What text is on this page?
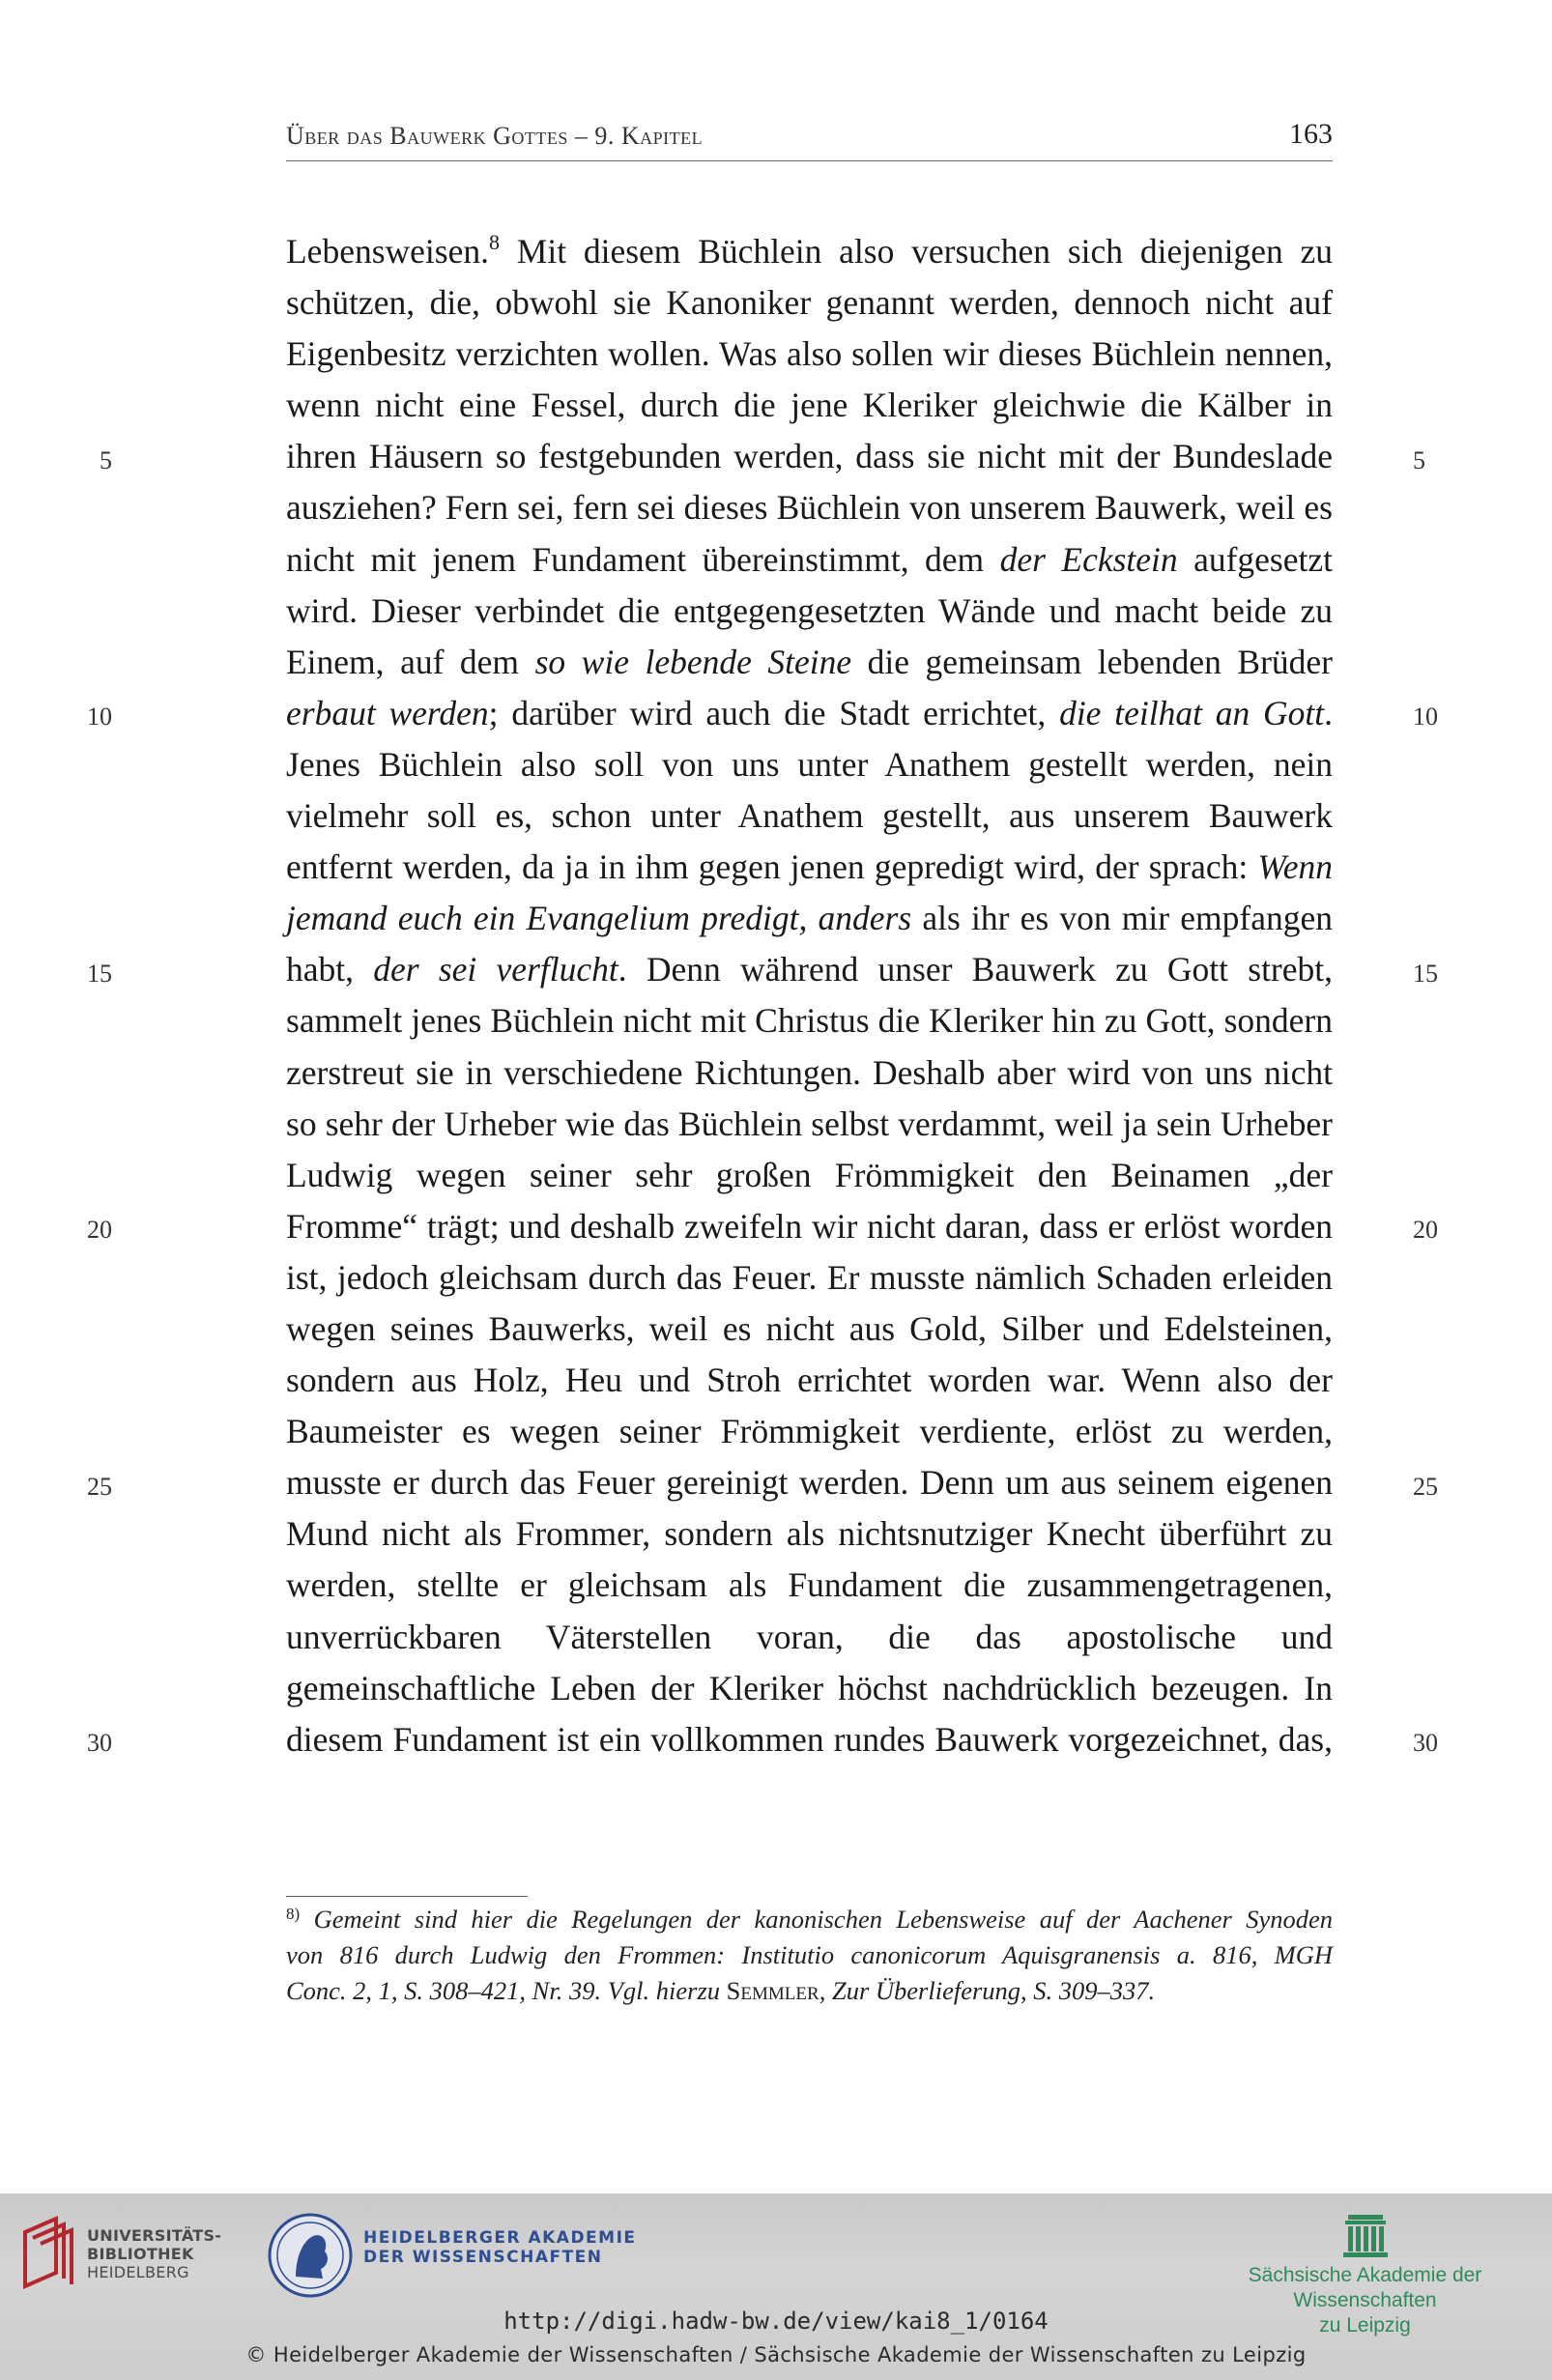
Über das Bauwerk Gottes – 9. Kapitel	163
Lebensweisen.$^8$ Mit diesem Büchlein also versuchen sich diejenigen zu
schützen, die, obwohl sie Kanoniker genannt werden, dennoch nicht auf
Eigenbesitz verzichten wollen. Was also sollen wir dieses Büchlein nennen,
wenn nicht eine Fessel, durch die jene Kleriker gleichwie die Kälber in
ihren Häusern so festgebunden werden, dass sie nicht mit der Bundeslade
ausziehen? Fern sei, fern sei dieses Büchlein von unserem Bauwerk, weil es
nicht mit jenem Fundament übereinstimmt, dem der Eckstein aufgesetzt
wird. Dieser verbindet die entgegengesetzten Wände und macht beide zu
Einem, auf dem so wie lebende Steine die gemeinsam lebenden Brüder
erbaut werden; darüber wird auch die Stadt errichtet, die teilhat an Gott.
Jenes Büchlein also soll von uns unter Anathem gestellt werden, nein
vielmehr soll es, schon unter Anathem gestellt, aus unserem Bauwerk
entfernt werden, da ja in ihm gegen jenen gepredigt wird, der sprach: Wenn
jemand euch ein Evangelium predigt, anders als ihr es von mir empfangen
habt, der sei verflucht. Denn während unser Bauwerk zu Gott strebt,
sammelt jenes Büchlein nicht mit Christus die Kleriker hin zu Gott, sondern
zerstreut sie in verschiedene Richtungen. Deshalb aber wird von uns nicht
so sehr der Urheber wie das Büchlein selbst verdammt, weil ja sein Urheber
Ludwig wegen seiner sehr großen Frömmigkeit den Beinamen „der
Fromme“ trägt; und deshalb zweifeln wir nicht daran, dass er erlöst worden
ist, jedoch gleichsam durch das Feuer. Er musste nämlich Schaden erleiden
wegen seines Bauwerks, weil es nicht aus Gold, Silber und Edelsteinen,
sondern aus Holz, Heu und Stroh errichtet worden war. Wenn also der
Baumeister es wegen seiner Frömmigkeit verdiente, erlöst zu werden,
musste er durch das Feuer gereinigt werden. Denn um aus seinem eigenen
Mund nicht als Frommer, sondern als nichtsnutziger Knecht überführt zu
werden, stellte er gleichsam als Fundament die zusammengetragenen,
unverrückbaren Väterstellen voran, die das apostolische und
gemeinschaftliche Leben der Kleriker höchst nachdrücklich bezeugen. In
diesem Fundament ist ein vollkommen rundes Bauwerk vorgezeichnet, das,
5
10
15
20
25
30
5
10
15
20
25
30
$^{8)}$ Gemeint sind hier die Regelungen der kanonischen Lebensweise auf der Aachener Synoden
von 816 durch Ludwig den Frommen: Institutio canonicorum Aquisgranensis a. 816, MGH
Conc. 2, 1, S. 308–421, Nr. 39. Vgl. hierzu Semmler, Zur Überlieferung, S. 309–337.
UNIVERSITÄTS-
BIBLIOTHEK
HEIDELBERG
HEIDELBERGER AKADEMIE
DER WISSENSCHAFTEN
Sächsische Akademie der Wissenschaften
zu Leipzig
http://digi.hadw-bw.de/view/kai8_1/0164
© Heidelberger Akademie der Wissenschaften / Sächsische Akademie der Wissenschaften zu Leipzig
